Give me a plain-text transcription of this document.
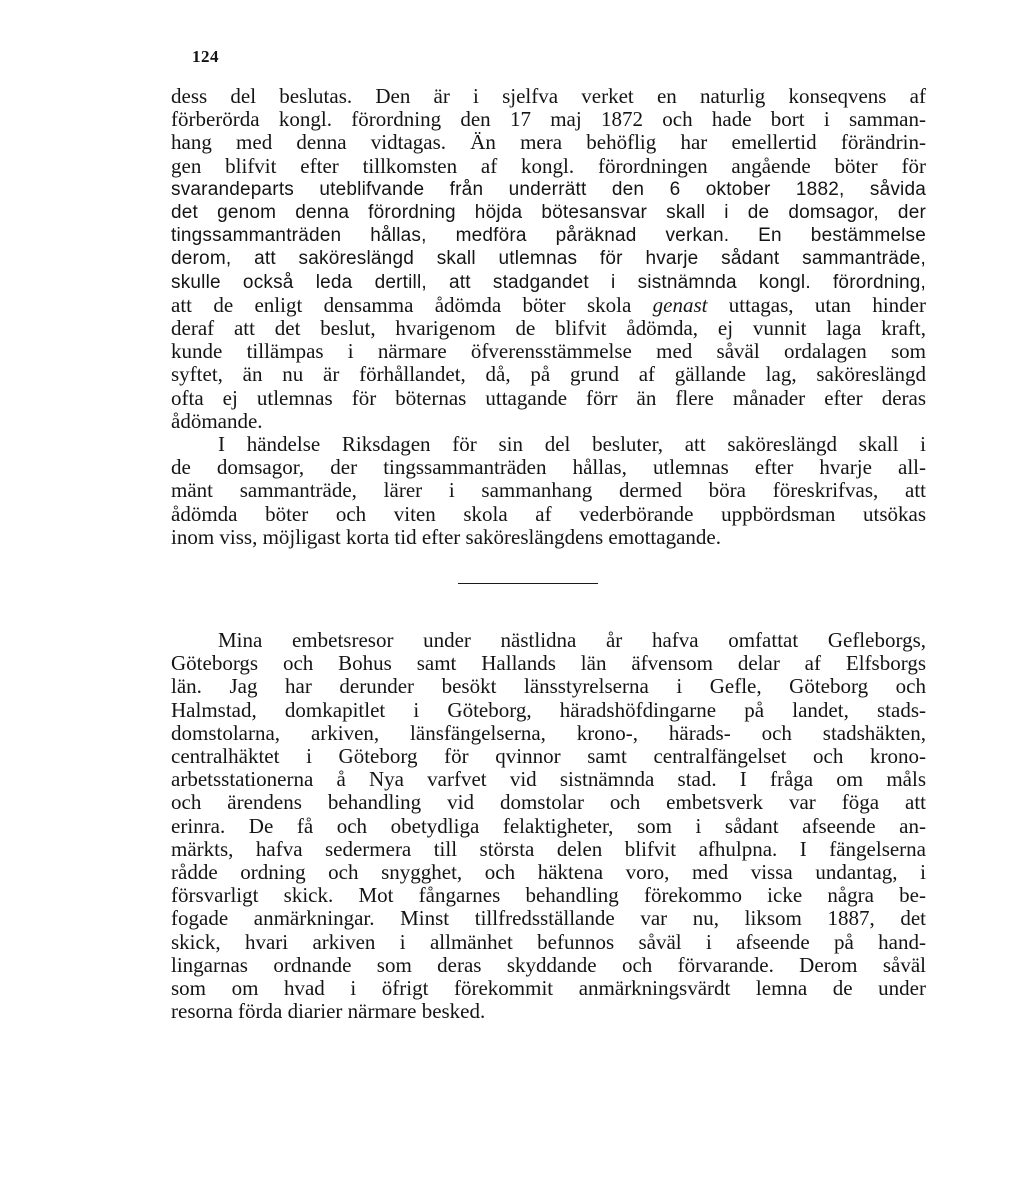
124
dess del beslutas. Den är i sjelfva verket en naturlig konseqvens af
förberörda kongl. förordning den 17 maj 1872 och hade bort i samman-
hang med denna vidtagas. Än mera behöflig har emellertid förändrin-
gen blifvit efter tillkomsten af kongl. förordningen angående böter för
svarandeparts uteblifvande från underrätt den 6 oktober 1882, såvida
det genom denna förordning höjda bötesansvar skall i de domsagor, der
tingssammanträden hållas, medföra påräknad verkan. En bestämmelse
derom, att saköreslängd skall utlemnas för hvarje sådant sammanträde,
skulle också leda dertill, att stadgandet i sistnämnda kongl. förordning,
att de enligt densamma ådömda böter skola genast uttagas, utan hinder
deraf att det beslut, hvarigenom de blifvit ådömda, ej vunnit laga kraft,
kunde tillämpas i närmare öfverensstämmelse med såväl ordalagen som
syftet, än nu är förhållandet, då, på grund af gällande lag, saköreslängd
ofta ej utlemnas för böternas uttagande förr än flere månader efter deras
ådömande.
I händelse Riksdagen för sin del besluter, att saköreslängd skall i
de domsagor, der tingssammanträden hållas, utlemnas efter hvarje all-
mänt sammanträde, lärer i sammanhang dermed böra föreskrifvas, att
ådömda böter och viten skola af vederbörande uppbördsman utsökas
inom viss, möjligast korta tid efter saköreslängdens emottagande.
Mina embetsresor under nästlidna år hafva omfattat Gefleborgs,
Göteborgs och Bohus samt Hallands län äfvensom delar af Elfsborgs
län. Jag har derunder besökt länsstyrelserna i Gefle, Göteborg och
Halmstad, domkapitlet i Göteborg, häradshöfdingarne på landet, stads-
domstolarna, arkiven, länsfängelserna, krono-, härads- och stadshäkten,
centralhäktet i Göteborg för qvinnor samt centralfängelset och krono-
arbetsstationerna å Nya varfvet vid sistnämnda stad. I fråga om måls
och ärendens behandling vid domstolar och embetsverk var föga att
erinra. De få och obetydliga felaktigheter, som i sådant afseende an-
märkts, hafva sedermera till största delen blifvit afhulpna. I fängelserna
rådde ordning och snygghet, och häktena voro, med vissa undantag, i
försvarligt skick. Mot fångarnes behandling förekommo icke några be-
fogade anmärkningar. Minst tillfredsställande var nu, liksom 1887, det
skick, hvari arkiven i allmänhet befunnos såväl i afseende på hand-
lingarnas ordnande som deras skyddande och förvarande. Derom såväl
som om hvad i öfrigt förekommit anmärkningsvärdt lemna de under
resorna förda diarier närmare besked.
